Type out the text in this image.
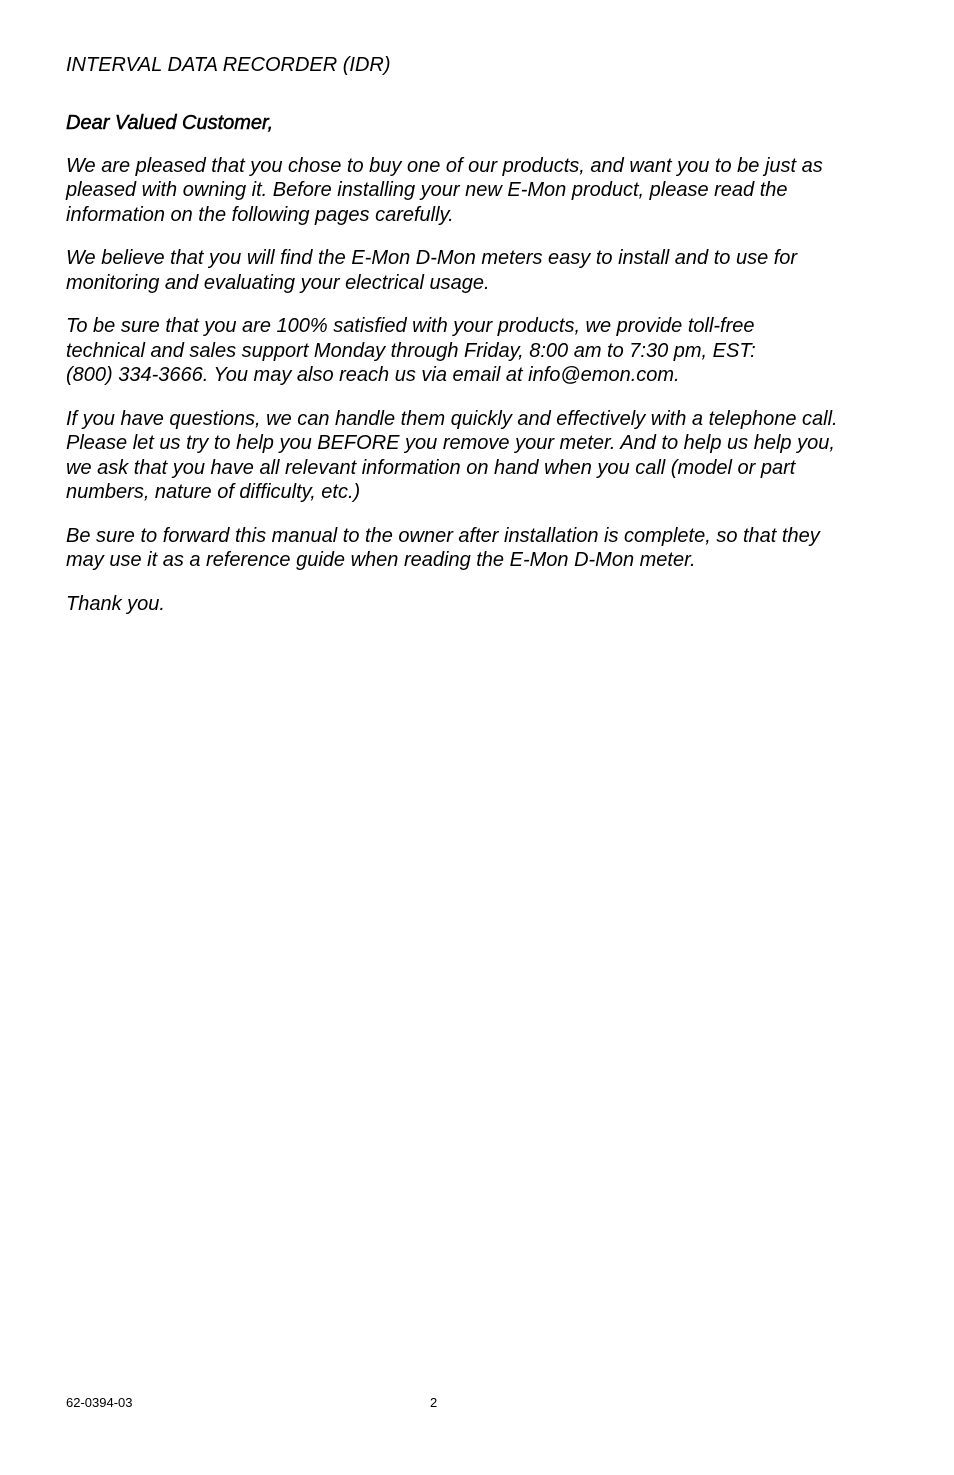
INTERVAL DATA RECORDER (IDR)
Dear Valued Customer,

We are pleased that you chose to buy one of our products, and want you to be just as
pleased with owning it. Before installing your new E-Mon product, please read the
information on the following pages carefully.

We believe that you will find the E-Mon D-Mon meters easy to install and to use for
monitoring and evaluating your electrical usage.

To be sure that you are 100% satisfied with your products, we provide toll-free
technical and sales support Monday through Friday, 8:00 am to 7:30 pm, EST:
(800) 334-3666. You may also reach us via email at info@emon.com.

If you have questions, we can handle them quickly and effectively with a telephone call.
Please let us try to help you BEFORE you remove your meter. And to help us help you,
we ask that you have all relevant information on hand when you call (model or part
numbers, nature of difficulty, etc.)

Be sure to forward this manual to the owner after installation is complete, so that they
may use it as a reference guide when reading the E-Mon D-Mon meter.

Thank you.

62-0394-03	2
